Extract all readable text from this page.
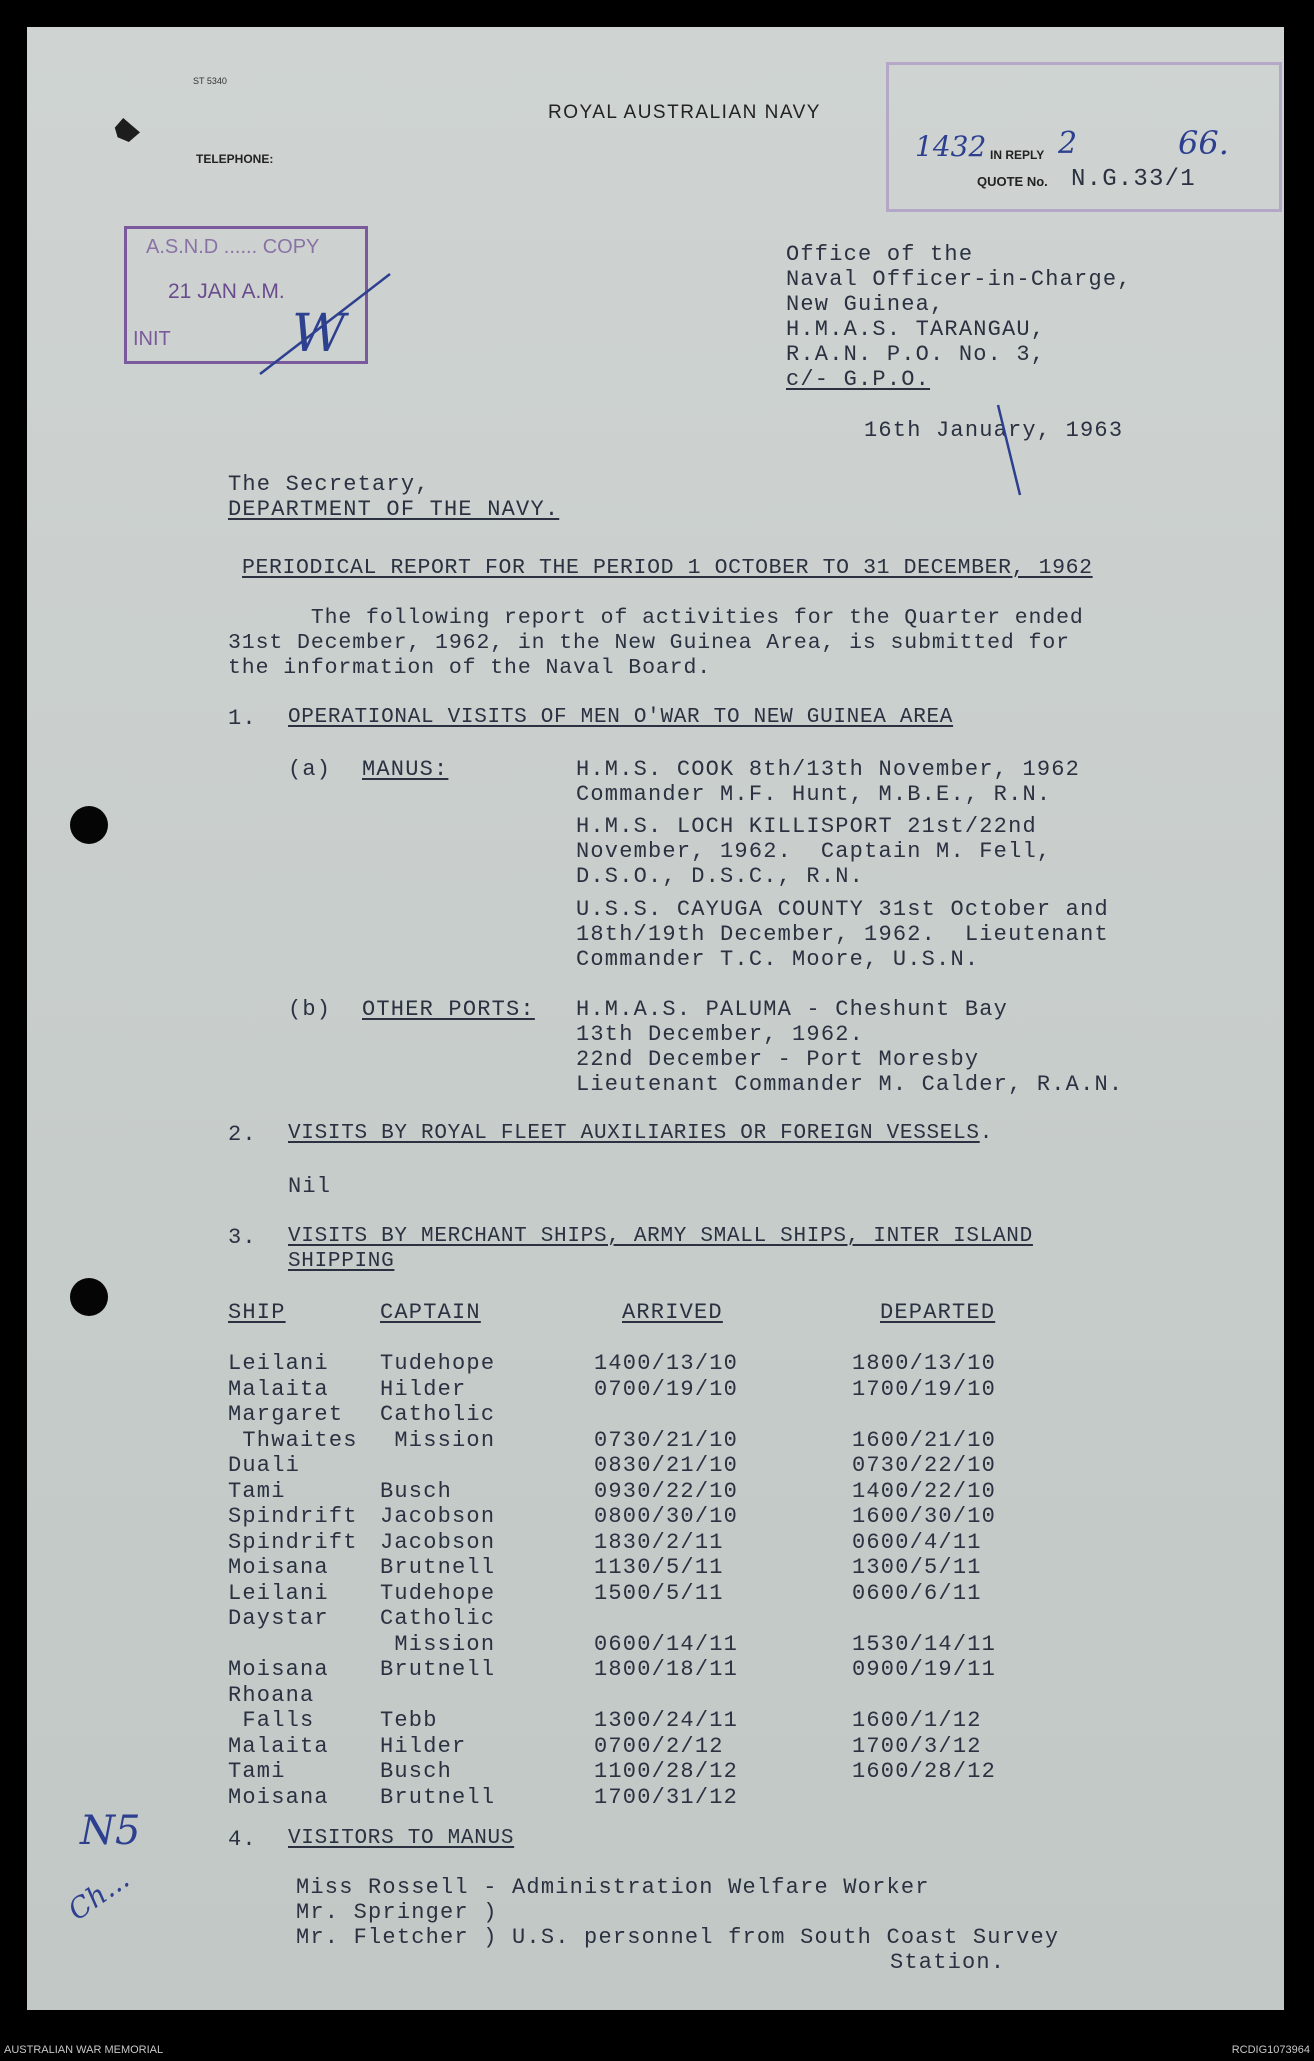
ST 5340
ROYAL AUSTRALIAN NAVY
TELEPHONE:	1432 IN REPLY 2	66.
QUOTE No. N.G.33/1
A.S.N.D ...... COPY
21 JAN A.M.
INIT W
Office of the
Naval Officer-in-Charge,
New Guinea,
H.M.A.S. TARANGAU,
R.A.N. P.O. No. 3,
c/- G.P.O.
16th January, 1963
The Secretary,
DEPARTMENT OF THE NAVY.
PERIODICAL REPORT FOR THE PERIOD 1 OCTOBER TO 31 DECEMBER, 1962
The following report of activities for the Quarter ended
31st December, 1962, in the New Guinea Area, is submitted for
the information of the Naval Board.
1. OPERATIONAL VISITS OF MEN O'WAR TO NEW GUINEA AREA
(a) MANUS:	H.M.S. COOK 8th/13th November, 1962
Commander M.F. Hunt, M.B.E., R.N.
H.M.S. LOCH KILLISPORT 21st/22nd
November, 1962.  Captain M. Fell,
D.S.O., D.S.C., R.N.
U.S.S. CAYUGA COUNTY 31st October and
18th/19th December, 1962.  Lieutenant
Commander T.C. Moore, U.S.N.
(b) OTHER PORTS: H.M.A.S. PALUMA - Cheshunt Bay
13th December, 1962.
22nd December - Port Moresby
Lieutenant Commander M. Calder, R.A.N.
2. VISITS BY ROYAL FLEET AUXILIARIES OR FOREIGN VESSELS.
Nil
3. VISITS BY MERCHANT SHIPS, ARMY SMALL SHIPS, INTER ISLAND
SHIPPING
SHIP	CAPTAIN	ARRIVED	DEPARTED
Leilani Tudehope	1400/13/10	1800/13/10
Malaita Hilder	0700/19/10	1700/19/10
Margaret Catholic
Thwaites Mission	0730/21/10	1600/21/10
Duali	0830/21/10	0730/22/10
Tami	Busch	0930/22/10	1400/22/10
Spindrift Jacobson	0800/30/10	1600/30/10
Spindrift Jacobson	1830/2/11	0600/4/11
Moisana Brutnell	1130/5/11	1300/5/11
Leilani Tudehope	1500/5/11	0600/6/11
Daystar Catholic
Mission	0600/14/11	1530/14/11
Moisana Brutnell	1800/18/11	0900/19/11
Rhoana
Falls	Tebb	1300/24/11	1600/1/12
Malaita Hilder	0700/2/12	1700/3/12
Tami	Busch	1100/28/12	1600/28/12
Moisana Brutnell	1700/31/12
4. VISITORS TO MANUS
Miss Rossell - Administration Welfare Worker
Mr. Springer )
Mr. Fletcher ) U.S. personnel from South Coast Survey
Station.
N5
Ch...
AUSTRALIAN WAR MEMORIAL	RCDIG1073964
